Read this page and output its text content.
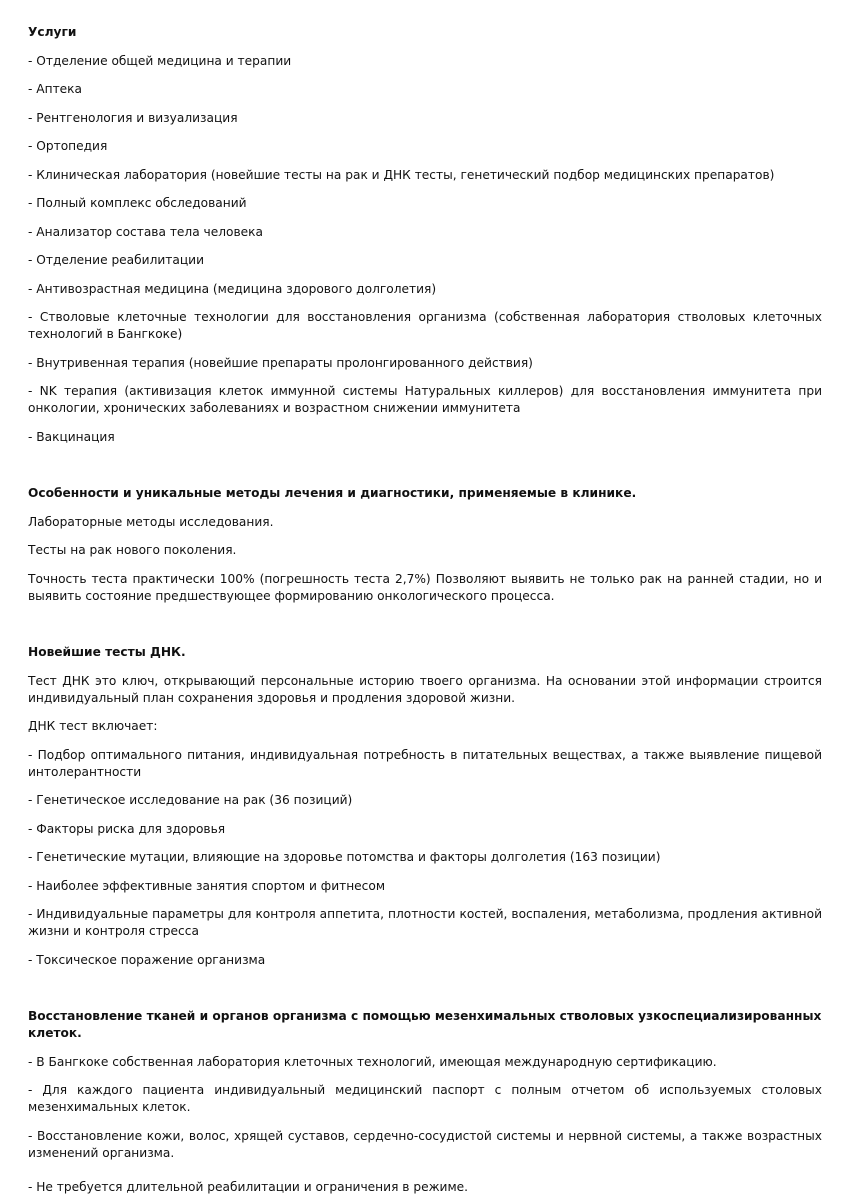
Услуги

- Отделение общей медицина и терапии

- Аптека

- Рентгенология и визуализация

- Ортопедия

- Клиническая лаборатория (новейшие тесты на рак и ДНК тесты, генетический подбор медицинских препаратов)

- Полный комплекс обследований

- Анализатор состава тела человека

- Отделение реабилитации

- Антивозрастная медицина (медицина здорового долголетия)

- Стволовые клеточные технологии для восстановления организма (собственная лаборатория стволовых клеточных технологий в Бангкоке)

- Внутривенная терапия (новейшие препараты пролонгированного действия)

- NK терапия (активизация клеток иммунной системы Натуральных киллеров) для восстановления иммунитета при онкологии, хронических заболеваниях и возрастном снижении иммунитета

- Вакцинация

Особенности и уникальные методы лечения и диагностики, применяемые в клинике.

Лабораторные методы исследования.

Тесты на рак нового поколения.

Точность теста практически 100% (погрешность теста 2,7%) Позволяют выявить не только рак на ранней стадии, но и выявить состояние предшествующее формированию онкологического процесса.

Новейшие тесты ДНК.

Тест ДНК это ключ, открывающий персональные историю твоего организма. На основании этой информации строится индивидуальный план сохранения здоровья и продления здоровой жизни.

ДНК тест включает:

- Подбор оптимального питания, индивидуальная потребность в питательных веществах, а также выявление пищевой интолерантности

- Генетическое исследование на рак (36 позиций)

- Факторы риска для здоровья

- Генетические мутации, влияющие на здоровье потомства и факторы долголетия (163 позиции)

- Наиболее эффективные занятия спортом и фитнесом

- Индивидуальные параметры для контроля аппетита, плотности костей, воспаления, метаболизма, продления активной жизни и контроля стресса

- Токсическое поражение организма

Восстановление тканей и органов организма с помощью мезенхимальных стволовых узкоспециализированных клеток.

- В Бангкоке собственная лаборатория клеточных технологий, имеющая международную сертификацию.

- Для каждого пациента индивидуальный медицинский паспорт с полным отчетом об используемых столовых мезенхимальных клеток.

- Восстановление кожи, волос, хрящей суставов, сердечно-сосудистой системы и нервной системы, а также возрастных изменений организма.

- Не требуется длительной реабилитации и ограничения в режиме.
